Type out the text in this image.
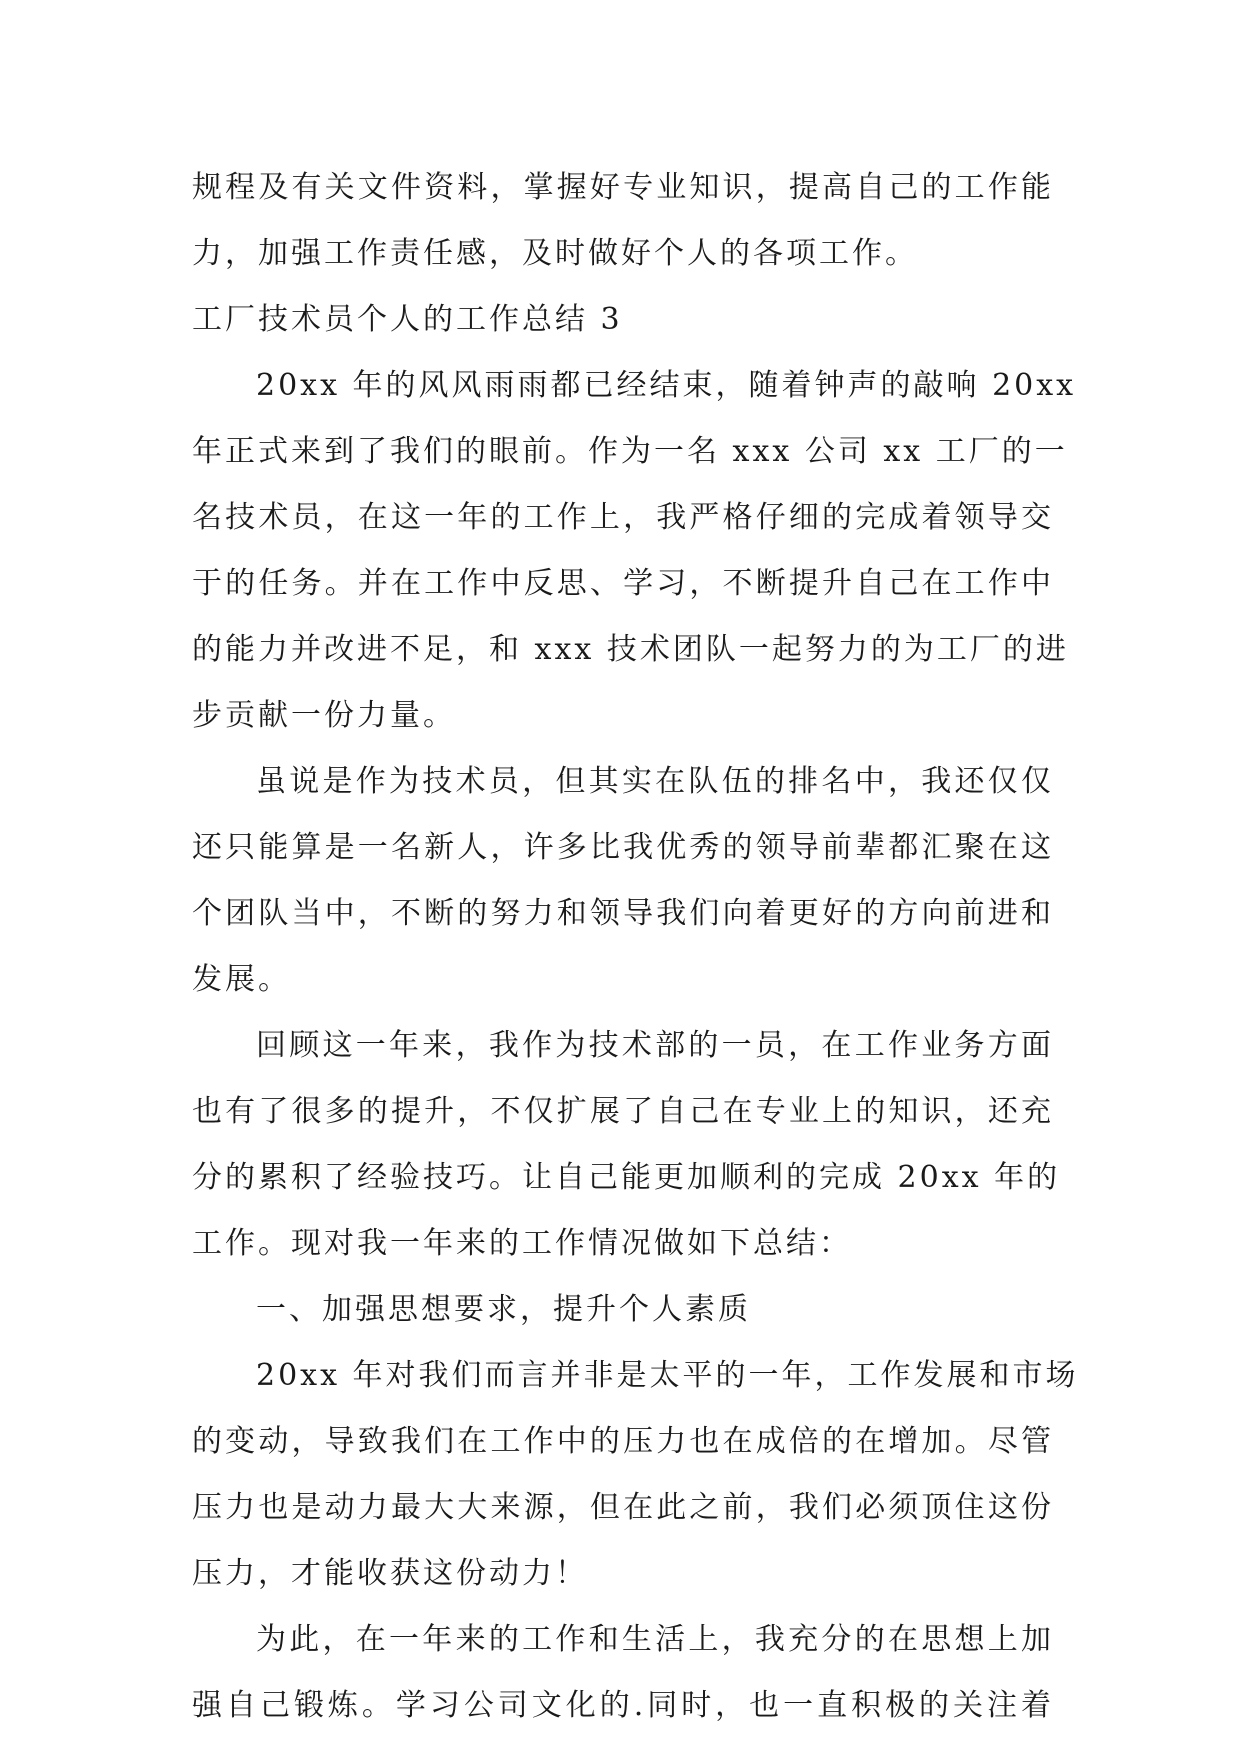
规程及有关文件资料，掌握好专业知识，提高自己的工作能
力，加强工作责任感，及时做好个人的各项工作。
工厂技术员个人的工作总结 3
20xx 年的风风雨雨都已经结束，随着钟声的敲响 20xx
年正式来到了我们的眼前。作为一名 xxx 公司 xx 工厂的一
名技术员，在这一年的工作上，我严格仔细的完成着领导交
于的任务。并在工作中反思、学习，不断提升自己在工作中
的能力并改进不足，和 xxx 技术团队一起努力的为工厂的进
步贡献一份力量。
虽说是作为技术员，但其实在队伍的排名中，我还仅仅
还只能算是一名新人，许多比我优秀的领导前辈都汇聚在这
个团队当中，不断的努力和领导我们向着更好的方向前进和
发展。
回顾这一年来，我作为技术部的一员，在工作业务方面
也有了很多的提升，不仅扩展了自己在专业上的知识，还充
分的累积了经验技巧。让自己能更加顺利的完成 20xx 年的
工作。现对我一年来的工作情况做如下总结：
一、加强思想要求，提升个人素质
20xx 年对我们而言并非是太平的一年，工作发展和市场
的变动，导致我们在工作中的压力也在成倍的在增加。尽管
压力也是动力最大大来源，但在此之前，我们必须顶住这份
压力，才能收获这份动力！
为此，在一年来的工作和生活上，我充分的在思想上加
强自己锻炼。学习公司文化的.同时，也一直积极的关注着
